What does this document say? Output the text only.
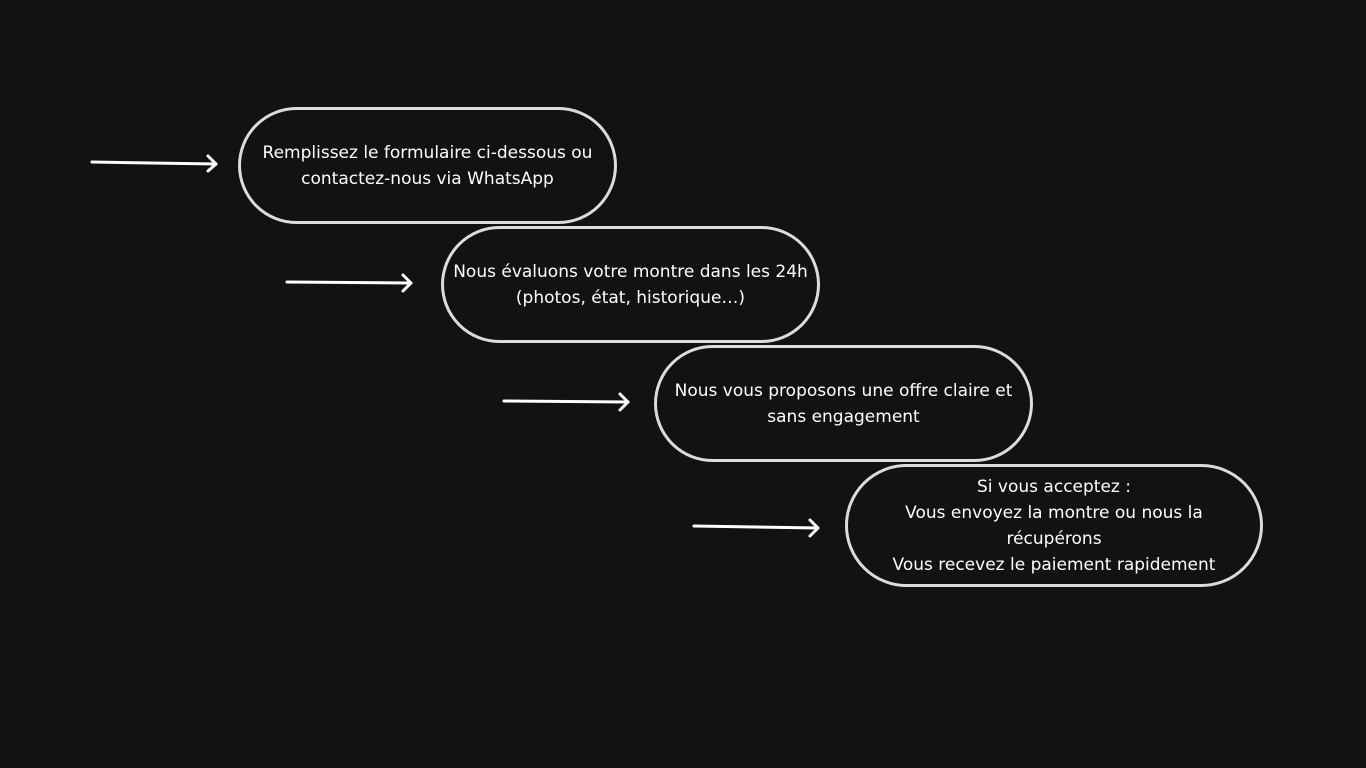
Remplissez le formulaire ci-dessous ou
contactez-nous via WhatsApp
Nous évaluons votre montre dans les 24h
(photos, état, historique…)
Nous vous proposons une offre claire et
sans engagement
Si vous acceptez :
Vous envoyez la montre ou nous la
récupérons
Vous recevez le paiement rapidement
